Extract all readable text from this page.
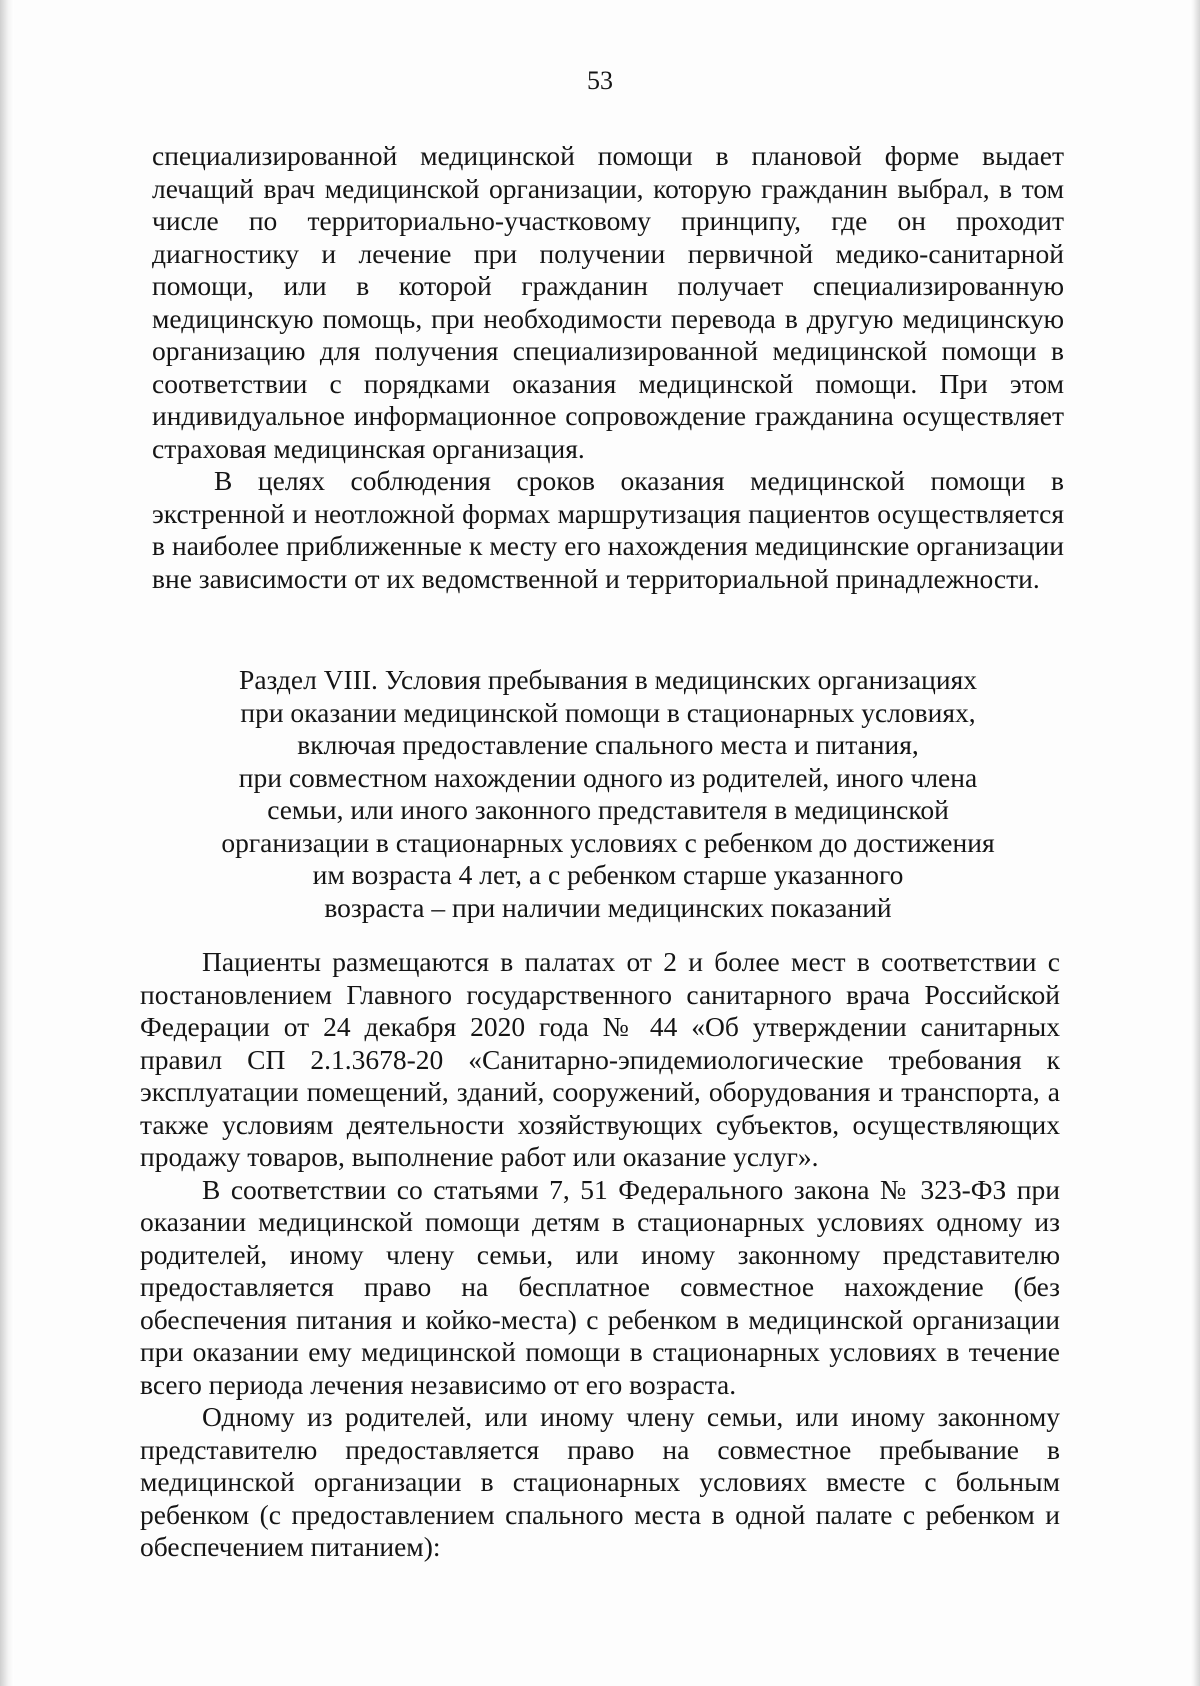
53

специализированной медицинской помощи в плановой форме выдает лечащий врач медицинской организации, которую гражданин выбрал, в том числе по территориально-участковому принципу, где он проходит диагностику и лечение при получении первичной медико-санитарной помощи, или в которой гражданин получает специализированную медицинскую помощь, при необходимости перевода в другую медицинскую организацию для получения специализированной медицинской помощи в соответствии с порядками оказания медицинской помощи. При этом индивидуальное информационное сопровождение гражданина осуществляет страховая медицинская организация.

В целях соблюдения сроков оказания медицинской помощи в экстренной и неотложной формах маршрутизация пациентов осуществляется в наиболее приближенные к месту его нахождения медицинские организации вне зависимости от их ведомственной и территориальной принадлежности.

Раздел VIII. Условия пребывания в медицинских организациях
при оказании медицинской помощи в стационарных условиях,
включая предоставление спального места и питания,
при совместном нахождении одного из родителей, иного члена
семьи, или иного законного представителя в медицинской
организации в стационарных условиях с ребенком до достижения
им возраста 4 лет, а с ребенком старше указанного
возраста – при наличии медицинских показаний

Пациенты размещаются в палатах от 2 и более мест в соответствии с постановлением Главного государственного санитарного врача Российской Федерации от 24 декабря 2020 года № 44 «Об утверждении санитарных правил СП 2.1.3678-20 «Санитарно-эпидемиологические требования к эксплуатации помещений, зданий, сооружений, оборудования и транспорта, а также условиям деятельности хозяйствующих субъектов, осуществляющих продажу товаров, выполнение работ или оказание услуг».

В соответствии со статьями 7, 51 Федерального закона № 323-ФЗ при оказании медицинской помощи детям в стационарных условиях одному из родителей, иному члену семьи, или иному законному представителю предоставляется право на бесплатное совместное нахождение (без обеспечения питания и койко-места) с ребенком в медицинской организации при оказании ему медицинской помощи в стационарных условиях в течение всего периода лечения независимо от его возраста.

Одному из родителей, или иному члену семьи, или иному законному представителю предоставляется право на совместное пребывание в медицинской организации в стационарных условиях вместе с больным ребенком (с предоставлением спального места в одной палате с ребенком и обеспечением питанием):
